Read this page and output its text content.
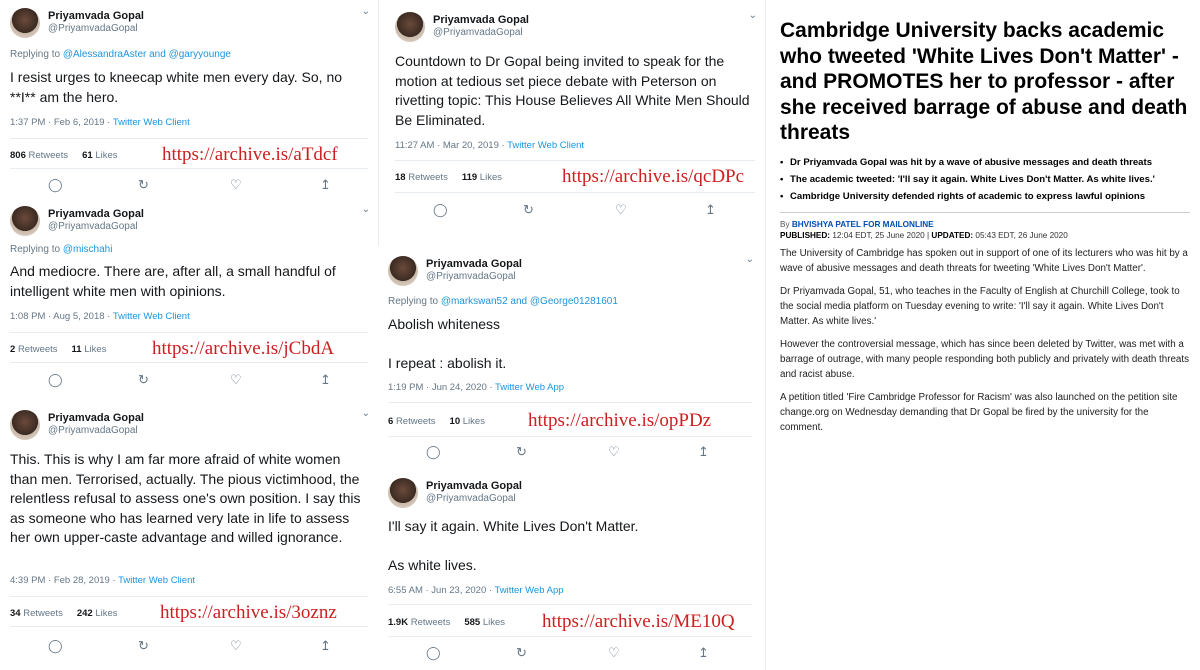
Priyamvada Gopal
@PriyamvadaGopal
⌄
Replying to @AlessandraAster and @garyyounge
I resist urges to kneecap white men every day. So, no **I** am the hero.
1:37 PM · Feb 6, 2019 · Twitter Web Client
806 Retweets 61 Likes https://archive.is/aTdcf
◯	↻	♡	↥
Priyamvada Gopal
@PriyamvadaGopal
⌄
Replying to @mischahi
And mediocre. There are, after all, a small handful of intelligent white men with opinions.
1:08 PM · Aug 5, 2018 · Twitter Web Client
2 Retweets 11 Likes https://archive.is/jCbdA
◯	↻	♡	↥
Priyamvada Gopal
@PriyamvadaGopal
⌄
This. This is why I am far more afraid of white women than men. Terrorised, actually. The pious victimhood, the relentless refusal to assess one's own position. I say this as someone who has learned very late in life to assess her own upper-caste advantage and willed ignorance.
4:39 PM · Feb 28, 2019 · Twitter Web Client
34 Retweets 242 Likes https://archive.is/3oznz
◯	↻	♡	↥
Priyamvada Gopal
@PriyamvadaGopal
⌄
Countdown to Dr Gopal being invited to speak for the motion at tedious set piece debate with Peterson on rivetting topic: This House Believes All White Men Should Be Eliminated.
11:27 AM · Mar 20, 2019 · Twitter Web Client
18 Retweets 119 Likes	https://archive.is/qcDPc
◯	↻	♡	↥
Priyamvada Gopal
@PriyamvadaGopal
⌄
Replying to @markswan52 and @George01281601
Abolish whiteness
I repeat : abolish it.
1:19 PM · Jun 24, 2020 · Twitter Web App
6 Retweets 10 Likes https://archive.is/opPDz
◯	↻	♡	↥
Priyamvada Gopal
@PriyamvadaGopal
I'll say it again. White Lives Don't Matter.
As white lives.
6:55 AM · Jun 23, 2020 · Twitter Web App
1.9K Retweets 585 Likes https://archive.is/ME10Q
◯	↻	♡	↥
Cambridge University backs academic who tweeted 'White Lives Don't Matter' - and PROMOTES her to professor - after she received barrage of abuse and death threats
• Dr Priyamvada Gopal was hit by a wave of abusive messages and death threats
• The academic tweeted: 'I'll say it again. White Lives Don't Matter. As white lives.'
• Cambridge University defended rights of academic to express lawful opinions
By BHVISHYA PATEL FOR MAILONLINE
PUBLISHED: 12:04 EDT, 25 June 2020 | UPDATED: 05:43 EDT, 26 June 2020

The University of Cambridge has spoken out in support of one of its lecturers who was hit by a wave of abusive messages and death threats for tweeting 'White Lives Don't Matter'.

Dr Priyamvada Gopal, 51, who teaches in the Faculty of English at Churchill College, took to the social media platform on Tuesday evening to write: 'I'll say it again. White Lives Don't Matter. As white lives.'

However the controversial message, which has since been deleted by Twitter, was met with a barrage of outrage, with many people responding both publicly and privately with death threats and racist abuse.

A petition titled 'Fire Cambridge Professor for Racism' was also launched on the petition site change.org on Wednesday demanding that Dr Gopal be fired by the university for the comment.
